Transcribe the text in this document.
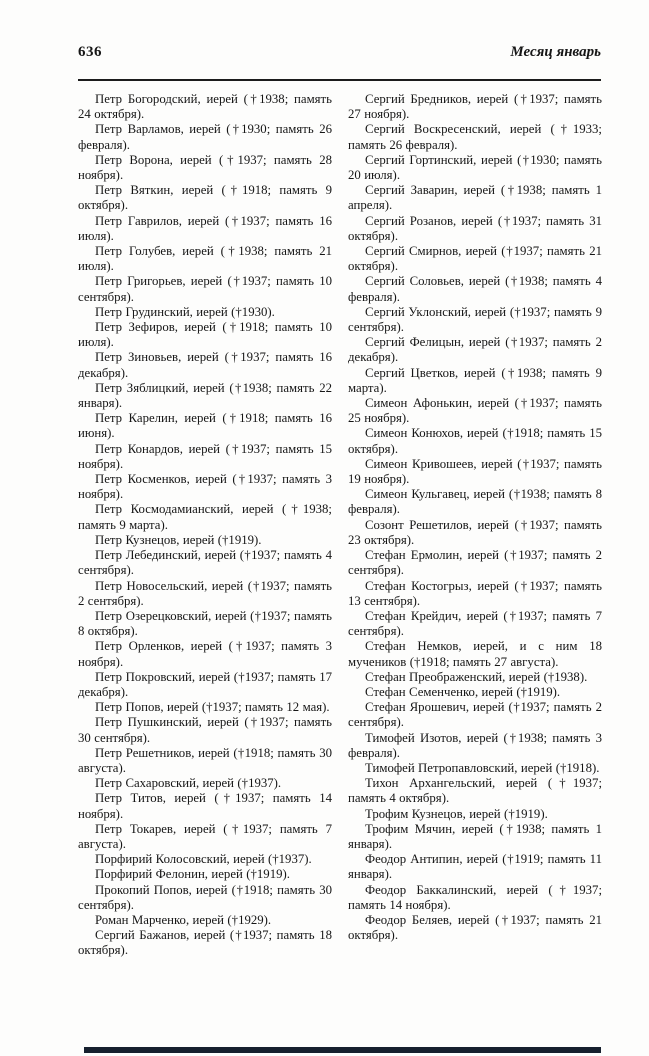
636	Месяц январь

Петр Богородский, иерей (†1938; память 24 октября).

Петр Варламов, иерей (†1930; память 26 февраля).

Петр Ворона, иерей (†1937; память 28 ноября).

Петр Вяткин, иерей (†1918; память 9 октября).

Петр Гаврилов, иерей (†1937; память 16 июля).

Петр Голубев, иерей (†1938; память 21 июля).

Петр Григорьев, иерей (†1937; память 10 сентября).

Петр Грудинский, иерей (†1930).

Петр Зефиров, иерей (†1918; память 10 июля).

Петр Зиновьев, иерей (†1937; память 16 декабря).

Петр Зяблицкий, иерей (†1938; память 22 января).

Петр Карелин, иерей (†1918; память 16 июня).

Петр Конардов, иерей (†1937; память 15 ноября).

Петр Косменков, иерей (†1937; память 3 ноября).

Петр Космодамианский, иерей (†1938; память 9 марта).

Петр Кузнецов, иерей (†1919).

Петр Лебединский, иерей (†1937; память 4 сентября).

Петр Новосельский, иерей (†1937; память 2 сентября).

Петр Озерецковский, иерей (†1937; память 8 октября).

Петр Орленков, иерей (†1937; память 3 ноября).

Петр Покровский, иерей (†1937; память 17 декабря).

Петр Попов, иерей (†1937; память 12 мая).

Петр Пушкинский, иерей (†1937; память 30 сентября).

Петр Решетников, иерей (†1918; память 30 августа).

Петр Сахаровский, иерей (†1937).

Петр Титов, иерей (†1937; память 14 ноября).

Петр Токарев, иерей (†1937; память 7 августа).

Порфирий Колосовский, иерей (†1937).

Порфирий Фелонин, иерей (†1919).

Прокопий Попов, иерей (†1918; память 30 сентября).

Роман Марченко, иерей (†1929).

Сергий Бажанов, иерей (†1937; память 18 октября).

Сергий Бредников, иерей (†1937; память 27 ноября).

Сергий Воскресенский, иерей (†1933; память 26 февраля).

Сергий Гортинский, иерей (†1930; память 20 июля).

Сергий Заварин, иерей (†1938; память 1 апреля).

Сергий Розанов, иерей (†1937; память 31 октября).

Сергий Смирнов, иерей (†1937; память 21 октября).

Сергий Соловьев, иерей (†1938; память 4 февраля).

Сергий Уклонский, иерей (†1937; память 9 сентября).

Сергий Фелицын, иерей (†1937; память 2 декабря).

Сергий Цветков, иерей (†1938; память 9 марта).

Симеон Афонькин, иерей (†1937; память 25 ноября).

Симеон Конюхов, иерей (†1918; память 15 октября).

Симеон Кривошеев, иерей (†1937; память 19 ноября).

Симеон Кульгавец, иерей (†1938; память 8 февраля).

Созонт Решетилов, иерей (†1937; память 23 октября).

Стефан Ермолин, иерей (†1937; память 2 сентября).

Стефан Костогрыз, иерей (†1937; память 13 сентября).

Стефан Крейдич, иерей (†1937; память 7 сентября).

Стефан Немков, иерей, и с ним 18 мучеников (†1918; память 27 августа).

Стефан Преображенский, иерей (†1938).

Стефан Семенченко, иерей (†1919).

Стефан Ярошевич, иерей (†1937; память 2 сентября).

Тимофей Изотов, иерей (†1938; память 3 февраля).

Тимофей Петропавловский, иерей (†1918).

Тихон Архангельский, иерей (†1937; память 4 октября).

Трофим Кузнецов, иерей (†1919).

Трофим Мячин, иерей (†1938; память 1 января).

Феодор Антипин, иерей (†1919; память 11 января).

Феодор Баккалинский, иерей (†1937; память 14 ноября).

Феодор Беляев, иерей (†1937; память 21 октября).
